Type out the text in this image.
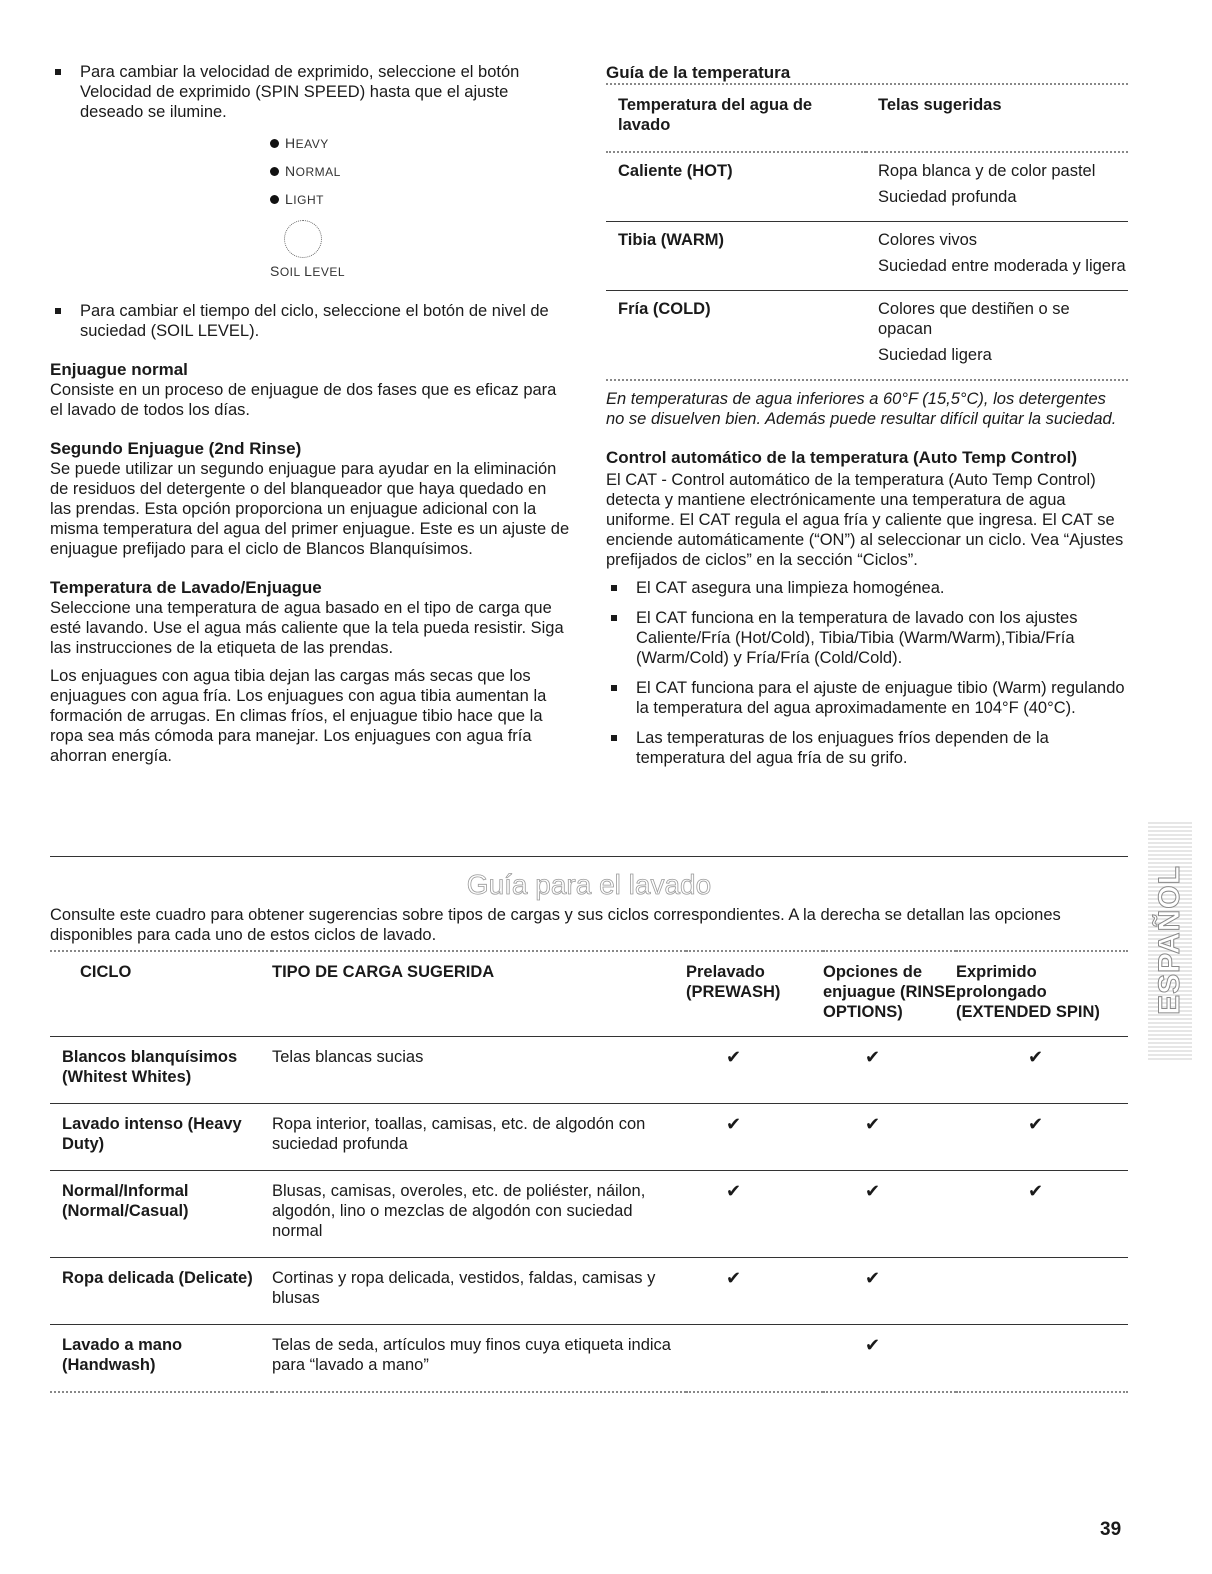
Para cambiar la velocidad de exprimido, seleccione el botón Velocidad de exprimido (SPIN SPEED) hasta que el ajuste deseado se ilumine.
HEAVY
NORMAL
LIGHT
SOIL LEVEL
Para cambiar el tiempo del ciclo, seleccione el botón de nivel de suciedad (SOIL LEVEL).
Enjuague normal

Consiste en un proceso de enjuague de dos fases que es eficaz para el lavado de todos los días.

Segundo Enjuague (2nd Rinse)

Se puede utilizar un segundo enjuague para ayudar en la eliminación de residuos del detergente o del blanqueador que haya quedado en las prendas. Esta opción proporciona un enjuague adicional con la misma temperatura del agua del primer enjuague. Este es un ajuste de enjuague prefijado para el ciclo de Blancos Blanquísimos.

Temperatura de Lavado/Enjuague

Seleccione una temperatura de agua basado en el tipo de carga que esté lavando. Use el agua más caliente que la tela pueda resistir. Siga las instrucciones de la etiqueta de las prendas.

Los enjuagues con agua tibia dejan las cargas más secas que los enjuagues con agua fría. Los enjuagues con agua tibia aumentan la formación de arrugas. En climas fríos, el enjuague tibio hace que la ropa sea más cómoda para manejar. Los enjuagues con agua fría ahorran energía.

Guía de la temperatura
Temperatura del agua de lavado	Telas sugeridas
Caliente (HOT)	Ropa blanca y de color pastel
Suciedad profunda

Tibia (WARM)	Colores vivos
Suciedad entre moderada y ligera

Fría (COLD)	Colores que destiñen o se opacan
Suciedad ligera

En temperaturas de agua inferiores a 60°F (15,5°C), los detergentes no se disuelven bien. Además puede resultar difícil quitar la suciedad.

Control automático de la temperatura (Auto Temp Control)

El CAT - Control automático de la temperatura (Auto Temp Control) detecta y mantiene electrónicamente una temperatura de agua uniforme. El CAT regula el agua fría y caliente que ingresa. El CAT se enciende automáticamente (“ON”) al seleccionar un ciclo. Vea “Ajustes prefijados de ciclos” en la sección “Ciclos”.

El CAT asegura una limpieza homogénea.
El CAT funciona en la temperatura de lavado con los ajustes Caliente/Fría (Hot/Cold), Tibia/Tibia (Warm/Warm),Tibia/Fría (Warm/Cold) y Fría/Fría (Cold/Cold).
El CAT funciona para el ajuste de enjuague tibio (Warm) regulando la temperatura del agua aproximadamente en 104°F (40°C).
Las temperaturas de los enjuagues fríos dependen de la temperatura del agua fría de su grifo.
Guía para el lavado

Consulte este cuadro para obtener sugerencias sobre tipos de cargas y sus ciclos correspondientes. A la derecha se detallan las opciones disponibles para cada uno de estos ciclos de lavado.

CICLO	TIPO DE CARGA SUGERIDA	Prelavado (PREWASH)	Opciones de enjuague (RINSE OPTIONS)	Exprimido prolongado (EXTENDED SPIN)
Blancos blanquísimos (Whitest Whites)	Telas blancas sucias	✔	✔	✔
Lavado intenso (Heavy Duty)	Ropa interior, toallas, camisas, etc. de algodón con suciedad profunda	✔	✔	✔
Normal/Informal (Normal/Casual)	Blusas, camisas, overoles, etc. de poliéster, náilon, algodón, lino o mezclas de algodón con suciedad normal	✔	✔	✔
Ropa delicada (Delicate)	Cortinas y ropa delicada, vestidos, faldas, camisas y blusas	✔	✔	
Lavado a mano (Handwash)	Telas de seda, artículos muy finos cuya etiqueta indica para “lavado a mano”		✔	
ESPAÑOL
39
